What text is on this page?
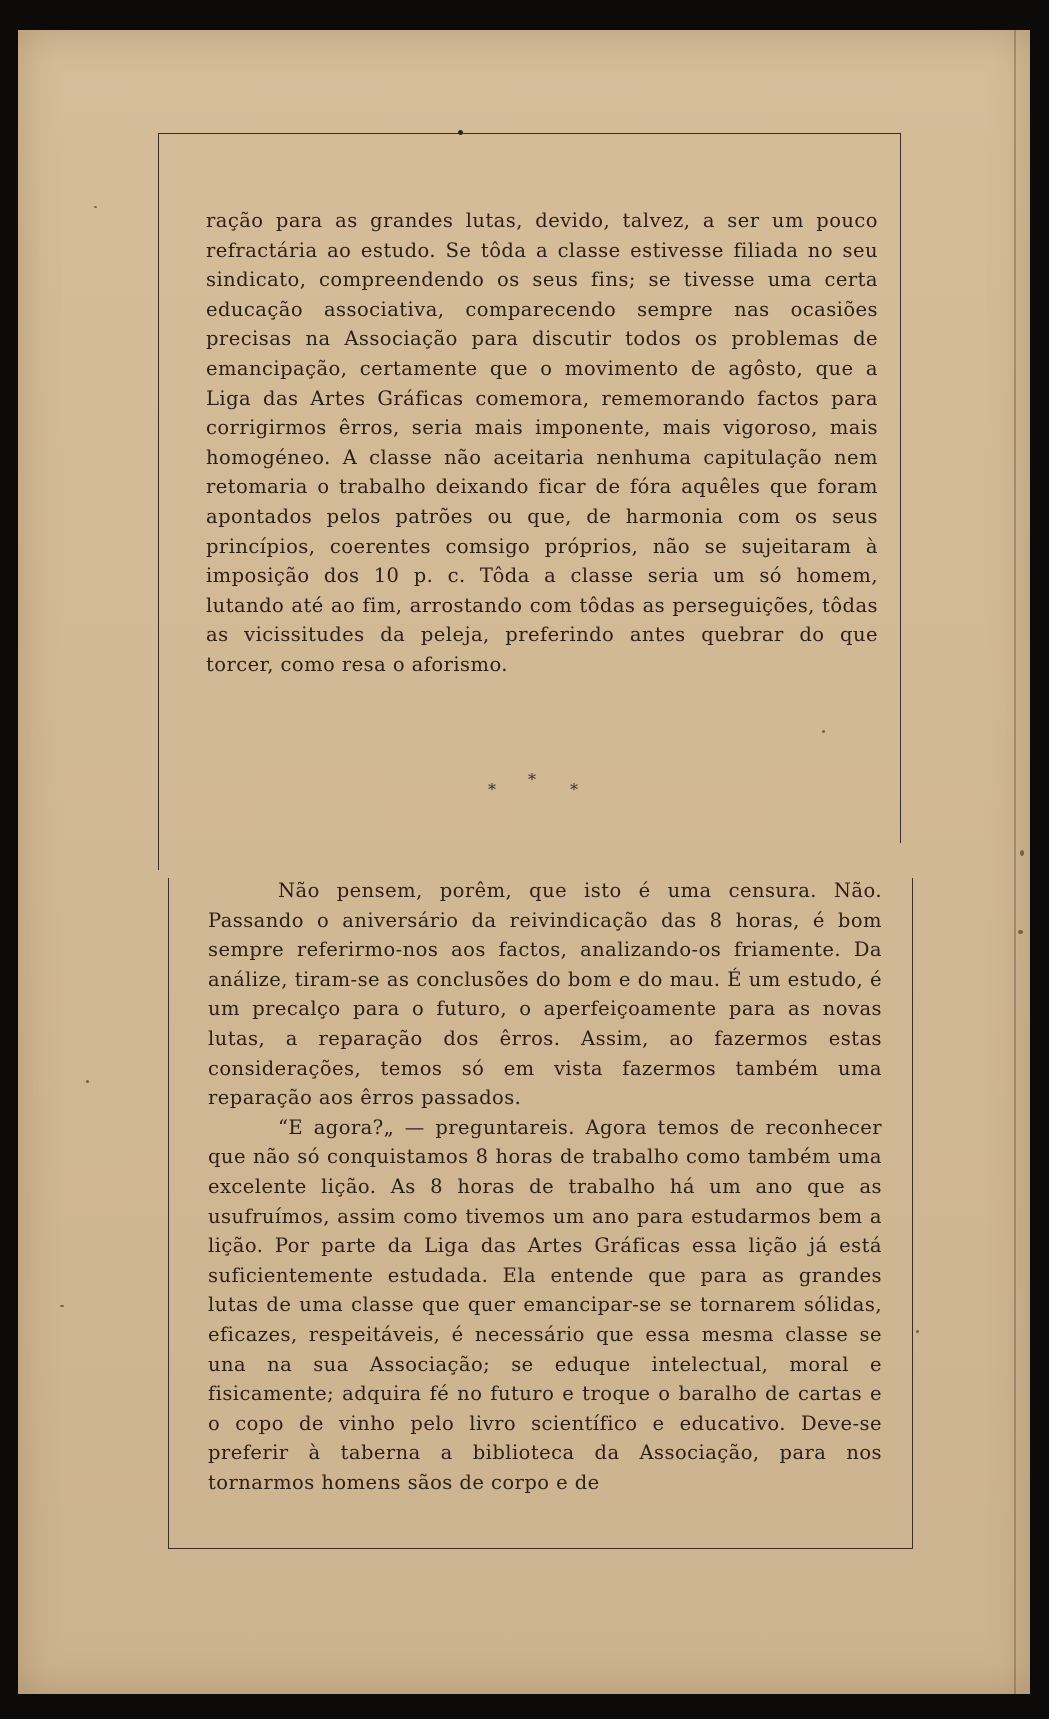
ração para as grandes lutas, devido, talvez, a ser um pouco refractária ao estudo. Se tôda a classe estivesse filiada no seu sindicato, compreendendo os seus fins; se tivesse uma certa educação associativa, comparecendo sempre nas ocasiões precisas na Associação para discutir todos os problemas de emancipação, certamente que o movimento de agôsto, que a Liga das Artes Gráficas comemora, rememorando factos para corrigirmos êrros, seria mais imponente, mais vigoroso, mais homogéneo. A classe não aceitaria nenhuma capitulação nem retomaria o trabalho deixando ficar de fóra aquêles que foram apontados pelos patrões ou que, de harmonia com os seus princípios, coerentes comsigo próprios, não se sujeitaram à imposição dos 10 p. c. Tôda a classe seria um só homem, lutando até ao fim, arrostando com tôdas as perseguições, tôdas as vicissitudes da peleja, preferindo antes quebrar do que torcer, como resa o aforismo.

*
*
*

Não pensem, porêm, que isto é uma censura. Não. Passando o aniversário da reivindicação das 8 horas, é bom sempre referirmo-nos aos factos, analizando-os friamente. Da análize, tiram-se as conclusões do bom e do mau. É um estudo, é um precalço para o futuro, o aperfeiçoamente para as novas lutas, a reparação dos êrros. Assim, ao fazermos estas considerações, temos só em vista fazermos também uma reparação aos êrros passados.

“E agora?„ — preguntareis. Agora temos de reconhecer que não só conquistamos 8 horas de trabalho como também uma excelente lição. As 8 horas de trabalho há um ano que as usufruímos, assim como tivemos um ano para estudarmos bem a lição. Por parte da Liga das Artes Gráficas essa lição já está suficientemente estudada. Ela entende que para as grandes lutas de uma classe que quer emancipar-se se tornarem sólidas, eficazes, respeitáveis, é necessário que essa mesma classe se una na sua Associação; se eduque intelectual, moral e fisicamente; adquira fé no futuro e troque o baralho de cartas e o copo de vinho pelo livro scientífico e educativo. Deve-se preferir à taberna a biblioteca da Associação, para nos tornarmos homens sãos de corpo e de
